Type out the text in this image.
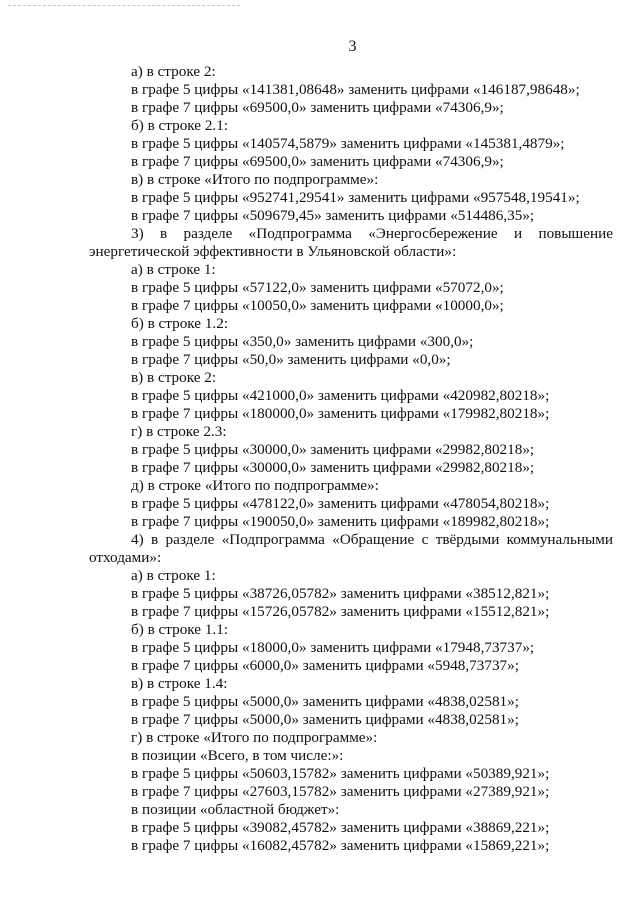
3
а) в строке 2:
в графе 5 цифры «141381,08648» заменить цифрами «146187,98648»;
в графе 7 цифры «69500,0» заменить цифрами «74306,9»;
б) в строке 2.1:
в графе 5 цифры «140574,5879» заменить цифрами «145381,4879»;
в графе 7 цифры «69500,0» заменить цифрами «74306,9»;
в) в строке «Итого по подпрограмме»:
в графе 5 цифры «952741,29541» заменить цифрами «957548,19541»;
в графе 7 цифры «509679,45» заменить цифрами «514486,35»;
3) в разделе «Подпрограмма «Энергосбережение и повышение
энергетической эффективности в Ульяновской области»:
а) в строке 1:
в графе 5 цифры «57122,0» заменить цифрами «57072,0»;
в графе 7 цифры «10050,0» заменить цифрами «10000,0»;
б) в строке 1.2:
в графе 5 цифры «350,0» заменить цифрами «300,0»;
в графе 7 цифры «50,0» заменить цифрами «0,0»;
в) в строке 2:
в графе 5 цифры «421000,0» заменить цифрами «420982,80218»;
в графе 7 цифры «180000,0» заменить цифрами «179982,80218»;
г) в строке 2.3:
в графе 5 цифры «30000,0» заменить цифрами «29982,80218»;
в графе 7 цифры «30000,0» заменить цифрами «29982,80218»;
д) в строке «Итого по подпрограмме»:
в графе 5 цифры «478122,0» заменить цифрами «478054,80218»;
в графе 7 цифры «190050,0» заменить цифрами «189982,80218»;
4) в разделе «Подпрограмма «Обращение с твёрдыми коммунальными
отходами»:
а) в строке 1:
в графе 5 цифры «38726,05782» заменить цифрами «38512,821»;
в графе 7 цифры «15726,05782» заменить цифрами «15512,821»;
б) в строке 1.1:
в графе 5 цифры «18000,0» заменить цифрами «17948,73737»;
в графе 7 цифры «6000,0» заменить цифрами «5948,73737»;
в) в строке 1.4:
в графе 5 цифры «5000,0» заменить цифрами «4838,02581»;
в графе 7 цифры «5000,0» заменить цифрами «4838,02581»;
г) в строке «Итого по подпрограмме»:
в позиции «Всего, в том числе:»:
в графе 5 цифры «50603,15782» заменить цифрами «50389,921»;
в графе 7 цифры «27603,15782» заменить цифрами «27389,921»;
в позиции «областной бюджет»:
в графе 5 цифры «39082,45782» заменить цифрами «38869,221»;
в графе 7 цифры «16082,45782» заменить цифрами «15869,221»;
